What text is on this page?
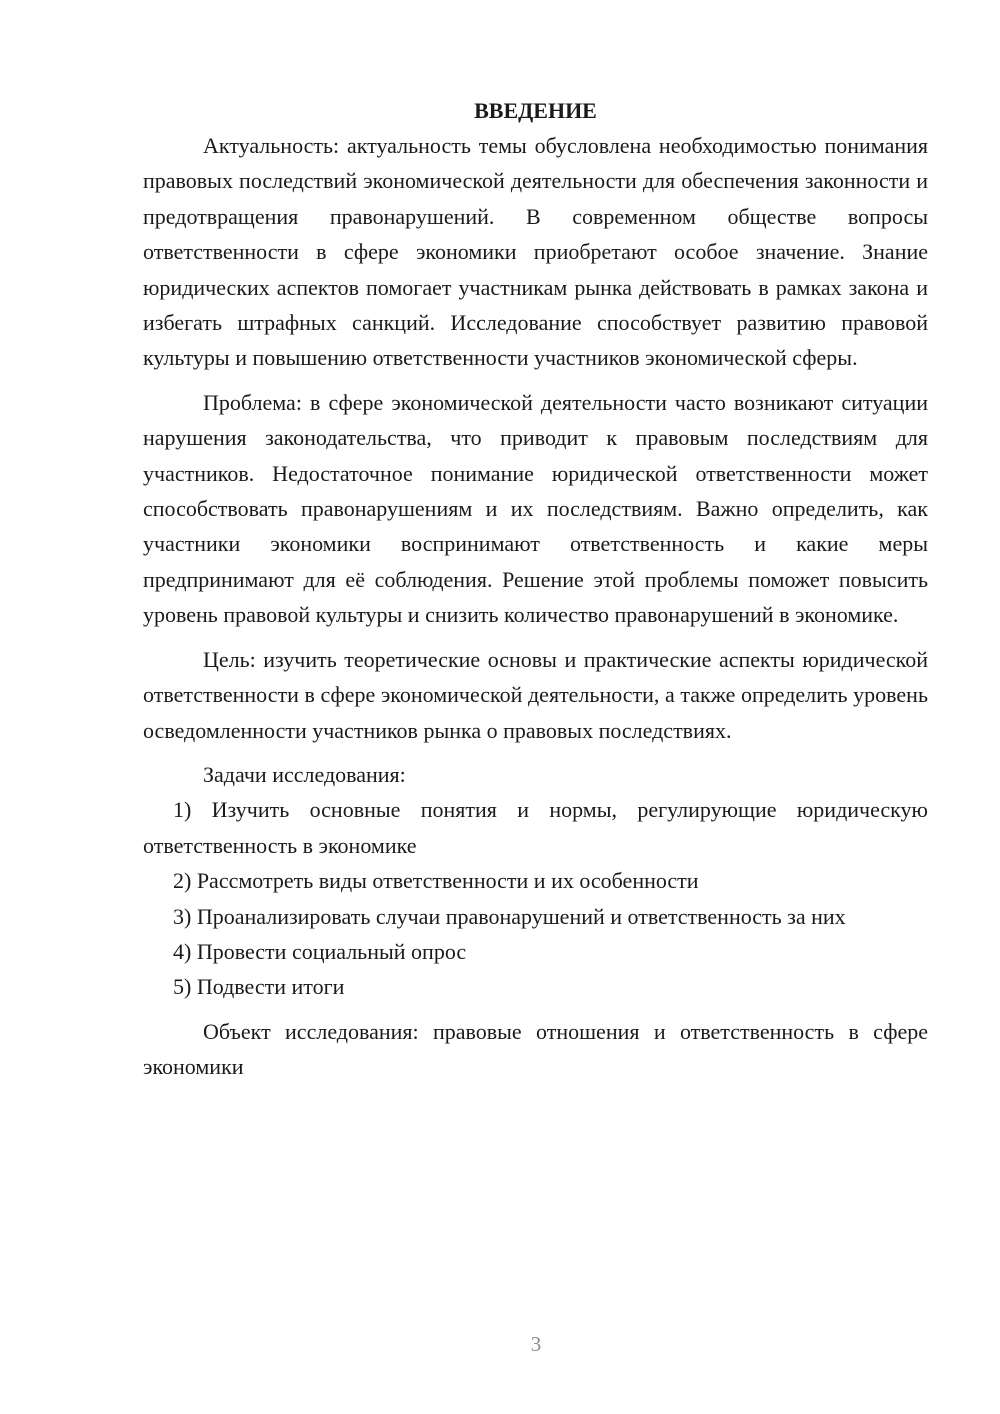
ВВЕДЕНИЕ

Актуальность: актуальность темы обусловлена необходимостью понимания правовых последствий экономической деятельности для обеспечения законности и предотвращения правонарушений. В современном обществе вопросы ответственности в сфере экономики приобретают особое значение. Знание юридических аспектов помогает участникам рынка действовать в рамках закона и избегать штрафных санкций. Исследование способствует развитию правовой культуры и повышению ответственности участников экономической сферы.

Проблема: в сфере экономической деятельности часто возникают ситуации нарушения законодательства, что приводит к правовым последствиям для участников. Недостаточное понимание юридической ответственности может способствовать правонарушениям и их последствиям. Важно определить, как участники экономики воспринимают ответственность и какие меры предпринимают для её соблюдения. Решение этой проблемы поможет повысить уровень правовой культуры и снизить количество правонарушений в экономике.

Цель: изучить теоретические основы и практические аспекты юридической ответственности в сфере экономической деятельности, а также определить уровень осведомленности участников рынка о правовых последствиях.

Задачи исследования:

1) Изучить основные понятия и нормы, регулирующие юридическую ответственность в экономике

2) Рассмотреть виды ответственности и их особенности

3) Проанализировать случаи правонарушений и ответственность за них

4) Провести социальный опрос

5) Подвести итоги

Объект исследования: правовые отношения и ответственность в сфере экономики

3
